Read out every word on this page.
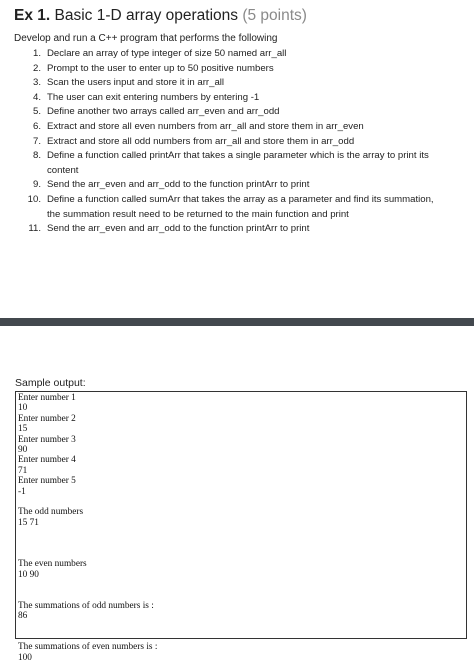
Ex 1. Basic 1-D array operations (5 points)
Develop and run a C++ program that performs the following
1. Declare an array of type integer of size 50 named arr_all
2. Prompt to the user to enter up to 50 positive numbers
3. Scan the users input and store it in arr_all
4. The user can exit entering numbers by entering -1
5. Define another two arrays called arr_even and arr_odd
6. Extract and store all even numbers from arr_all and store them in arr_even
7. Extract and store all odd numbers from arr_all and store them in arr_odd
8. Define a function called printArr that takes a single parameter which is the array to print its
content
9. Send the arr_even and arr_odd to the function printArr to print
10. Define a function called sumArr that takes the array as a parameter and find its summation,
the summation result need to be returned to the main function and print
11. Send the arr_even and arr_odd to the function printArr to print
Sample output:
Enter number 1
10
Enter number 2
15
Enter number 3
90
Enter number 4
71
Enter number 5
-1
The odd numbers
15 71
The even numbers
10 90
The summations of odd numbers is :
86
The summations of even numbers is :
100
